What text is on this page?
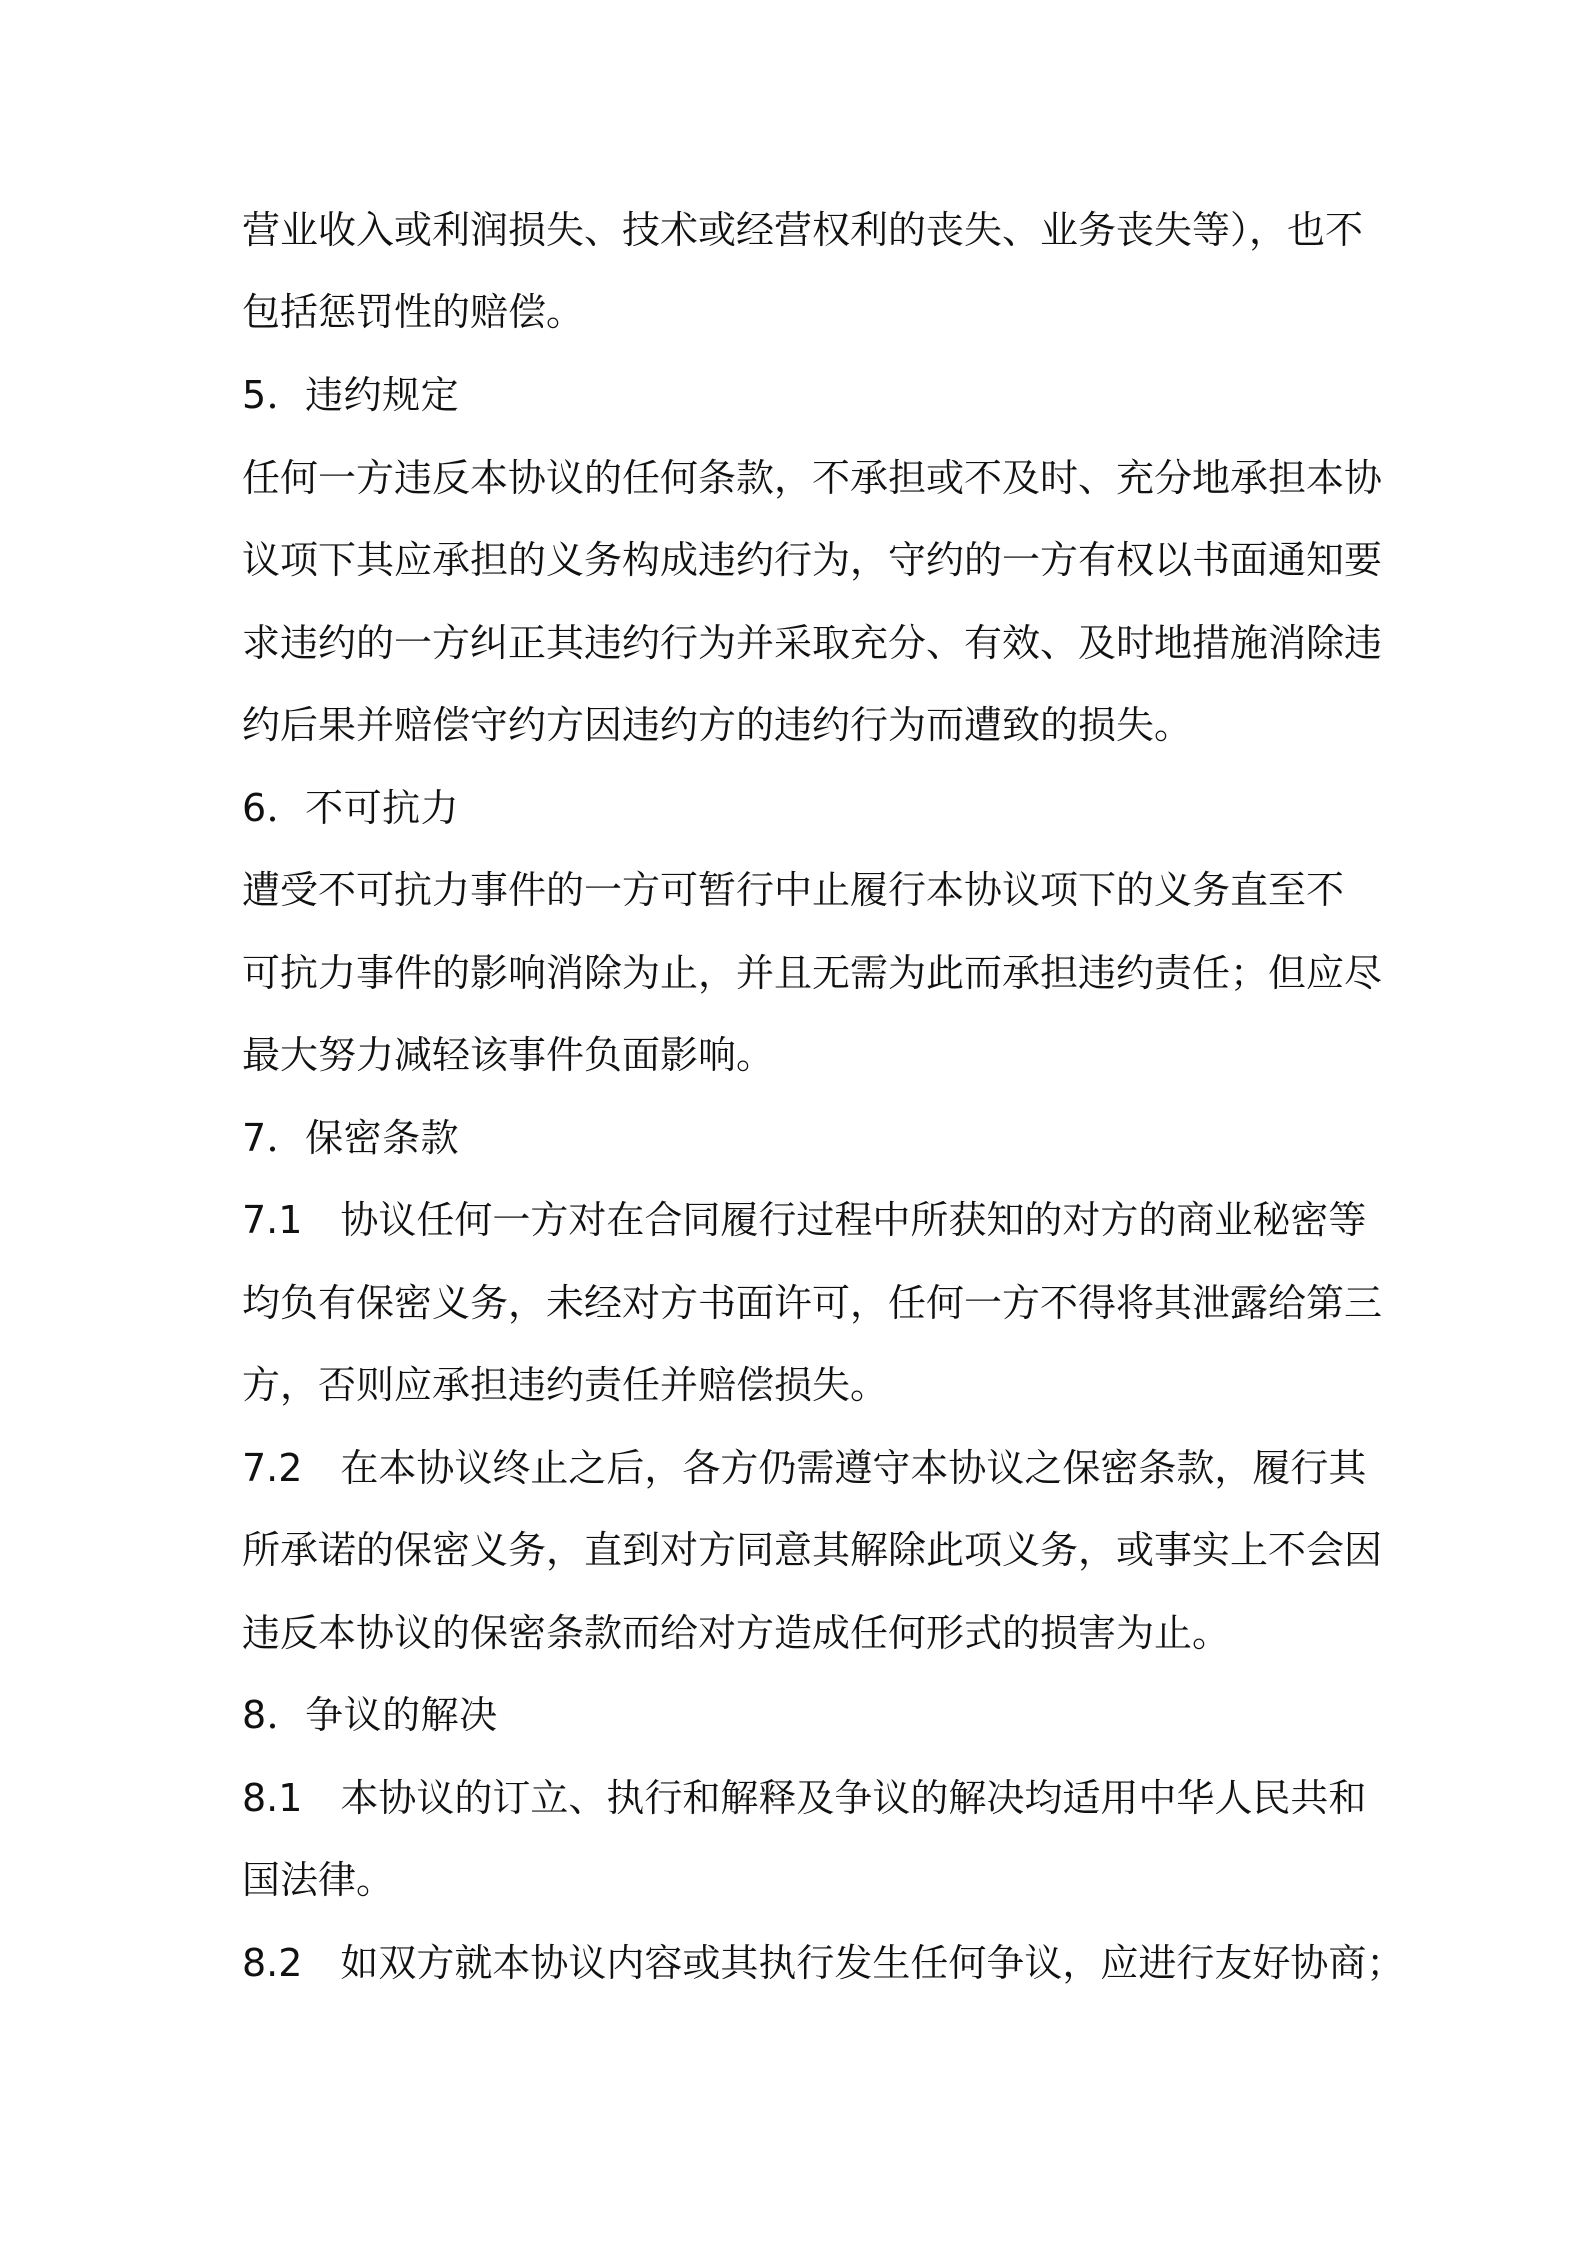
营业收入或利润损失、技术或经营权利的丧失、业务丧失等），也不
包括惩罚性的赔偿。
5．违约规定
任何一方违反本协议的任何条款，不承担或不及时、充分地承担本协
议项下其应承担的义务构成违约行为，守约的一方有权以书面通知要
求违约的一方纠正其违约行为并采取充分、有效、及时地措施消除违
约后果并赔偿守约方因违约方的违约行为而遭致的损失。
6．不可抗力
遭受不可抗力事件的一方可暂行中止履行本协议项下的义务直至不
可抗力事件的影响消除为止，并且无需为此而承担违约责任；但应尽
最大努力减轻该事件负面影响。
7．保密条款
7.1　协议任何一方对在合同履行过程中所获知的对方的商业秘密等
均负有保密义务，未经对方书面许可，任何一方不得将其泄露给第三
方，否则应承担违约责任并赔偿损失。
7.2　在本协议终止之后，各方仍需遵守本协议之保密条款，履行其
所承诺的保密义务，直到对方同意其解除此项义务，或事实上不会因
违反本协议的保密条款而给对方造成任何形式的损害为止。
8．争议的解决
8.1　本协议的订立、执行和解释及争议的解决均适用中华人民共和
国法律。
8.2　如双方就本协议内容或其执行发生任何争议，应进行友好协商；
